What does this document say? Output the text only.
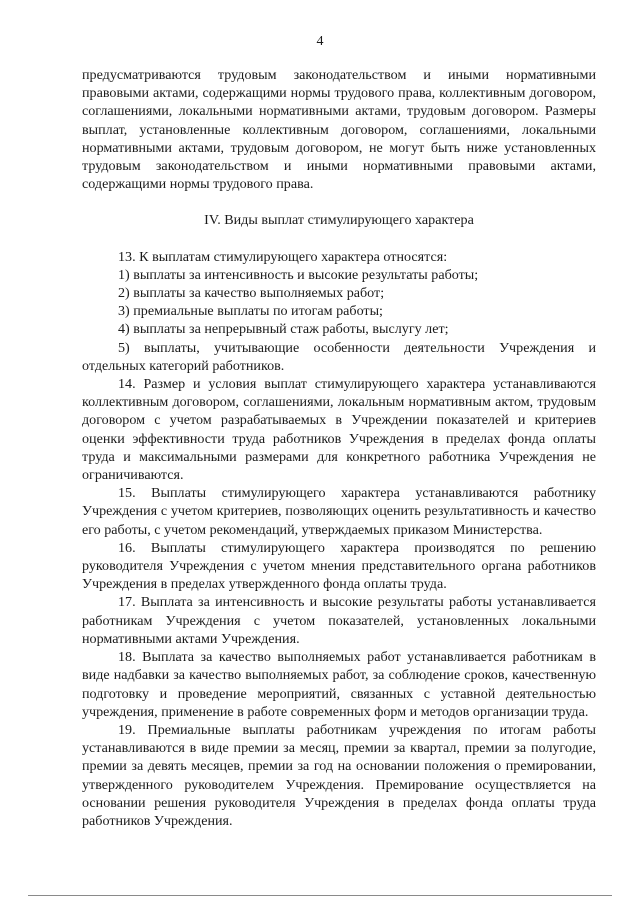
4

предусматриваются трудовым законодательством и иными нормативными правовыми актами, содержащими нормы трудового права, коллективным договором, соглашениями, локальными нормативными актами, трудовым договором. Размеры выплат, установленные коллективным договором, соглашениями, локальными нормативными актами, трудовым договором, не могут быть ниже установленных трудовым законодательством и иными нормативными правовыми актами, содержащими нормы трудового права.

IV. Виды выплат стимулирующего характера

13. К выплатам стимулирующего характера относятся:

1) выплаты за интенсивность и высокие результаты работы;

2) выплаты за качество выполняемых работ;

3) премиальные выплаты по итогам работы;

4) выплаты за непрерывный стаж работы, выслугу лет;

5) выплаты, учитывающие особенности деятельности Учреждения и отдельных категорий работников.

14. Размер и условия выплат стимулирующего характера устанавливаются коллективным договором, соглашениями, локальным нормативным актом, трудовым договором с учетом разрабатываемых в Учреждении показателей и критериев оценки эффективности труда работников Учреждения в пределах фонда оплаты труда и максимальными размерами для конкретного работника Учреждения не ограничиваются.

15. Выплаты стимулирующего характера устанавливаются работнику Учреждения с учетом критериев, позволяющих оценить результативность и качество его работы, с учетом рекомендаций, утверждаемых приказом Министерства.

16. Выплаты стимулирующего характера производятся по решению руководителя Учреждения с учетом мнения представительного органа работников Учреждения в пределах утвержденного фонда оплаты труда.

17. Выплата за интенсивность и высокие результаты работы устанавливается работникам Учреждения с учетом показателей, установленных локальными нормативными актами Учреждения.

18. Выплата за качество выполняемых работ устанавливается работникам в виде надбавки за качество выполняемых работ, за соблюдение сроков, качественную подготовку и проведение мероприятий, связанных с уставной деятельностью учреждения, применение в работе современных форм и методов организации труда.

19. Премиальные выплаты работникам учреждения по итогам работы устанавливаются в виде премии за месяц, премии за квартал, премии за полугодие, премии за девять месяцев, премии за год на основании положения о премировании, утвержденного руководителем Учреждения. Премирование осуществляется на основании решения руководителя Учреждения в пределах фонда оплаты труда работников Учреждения.
